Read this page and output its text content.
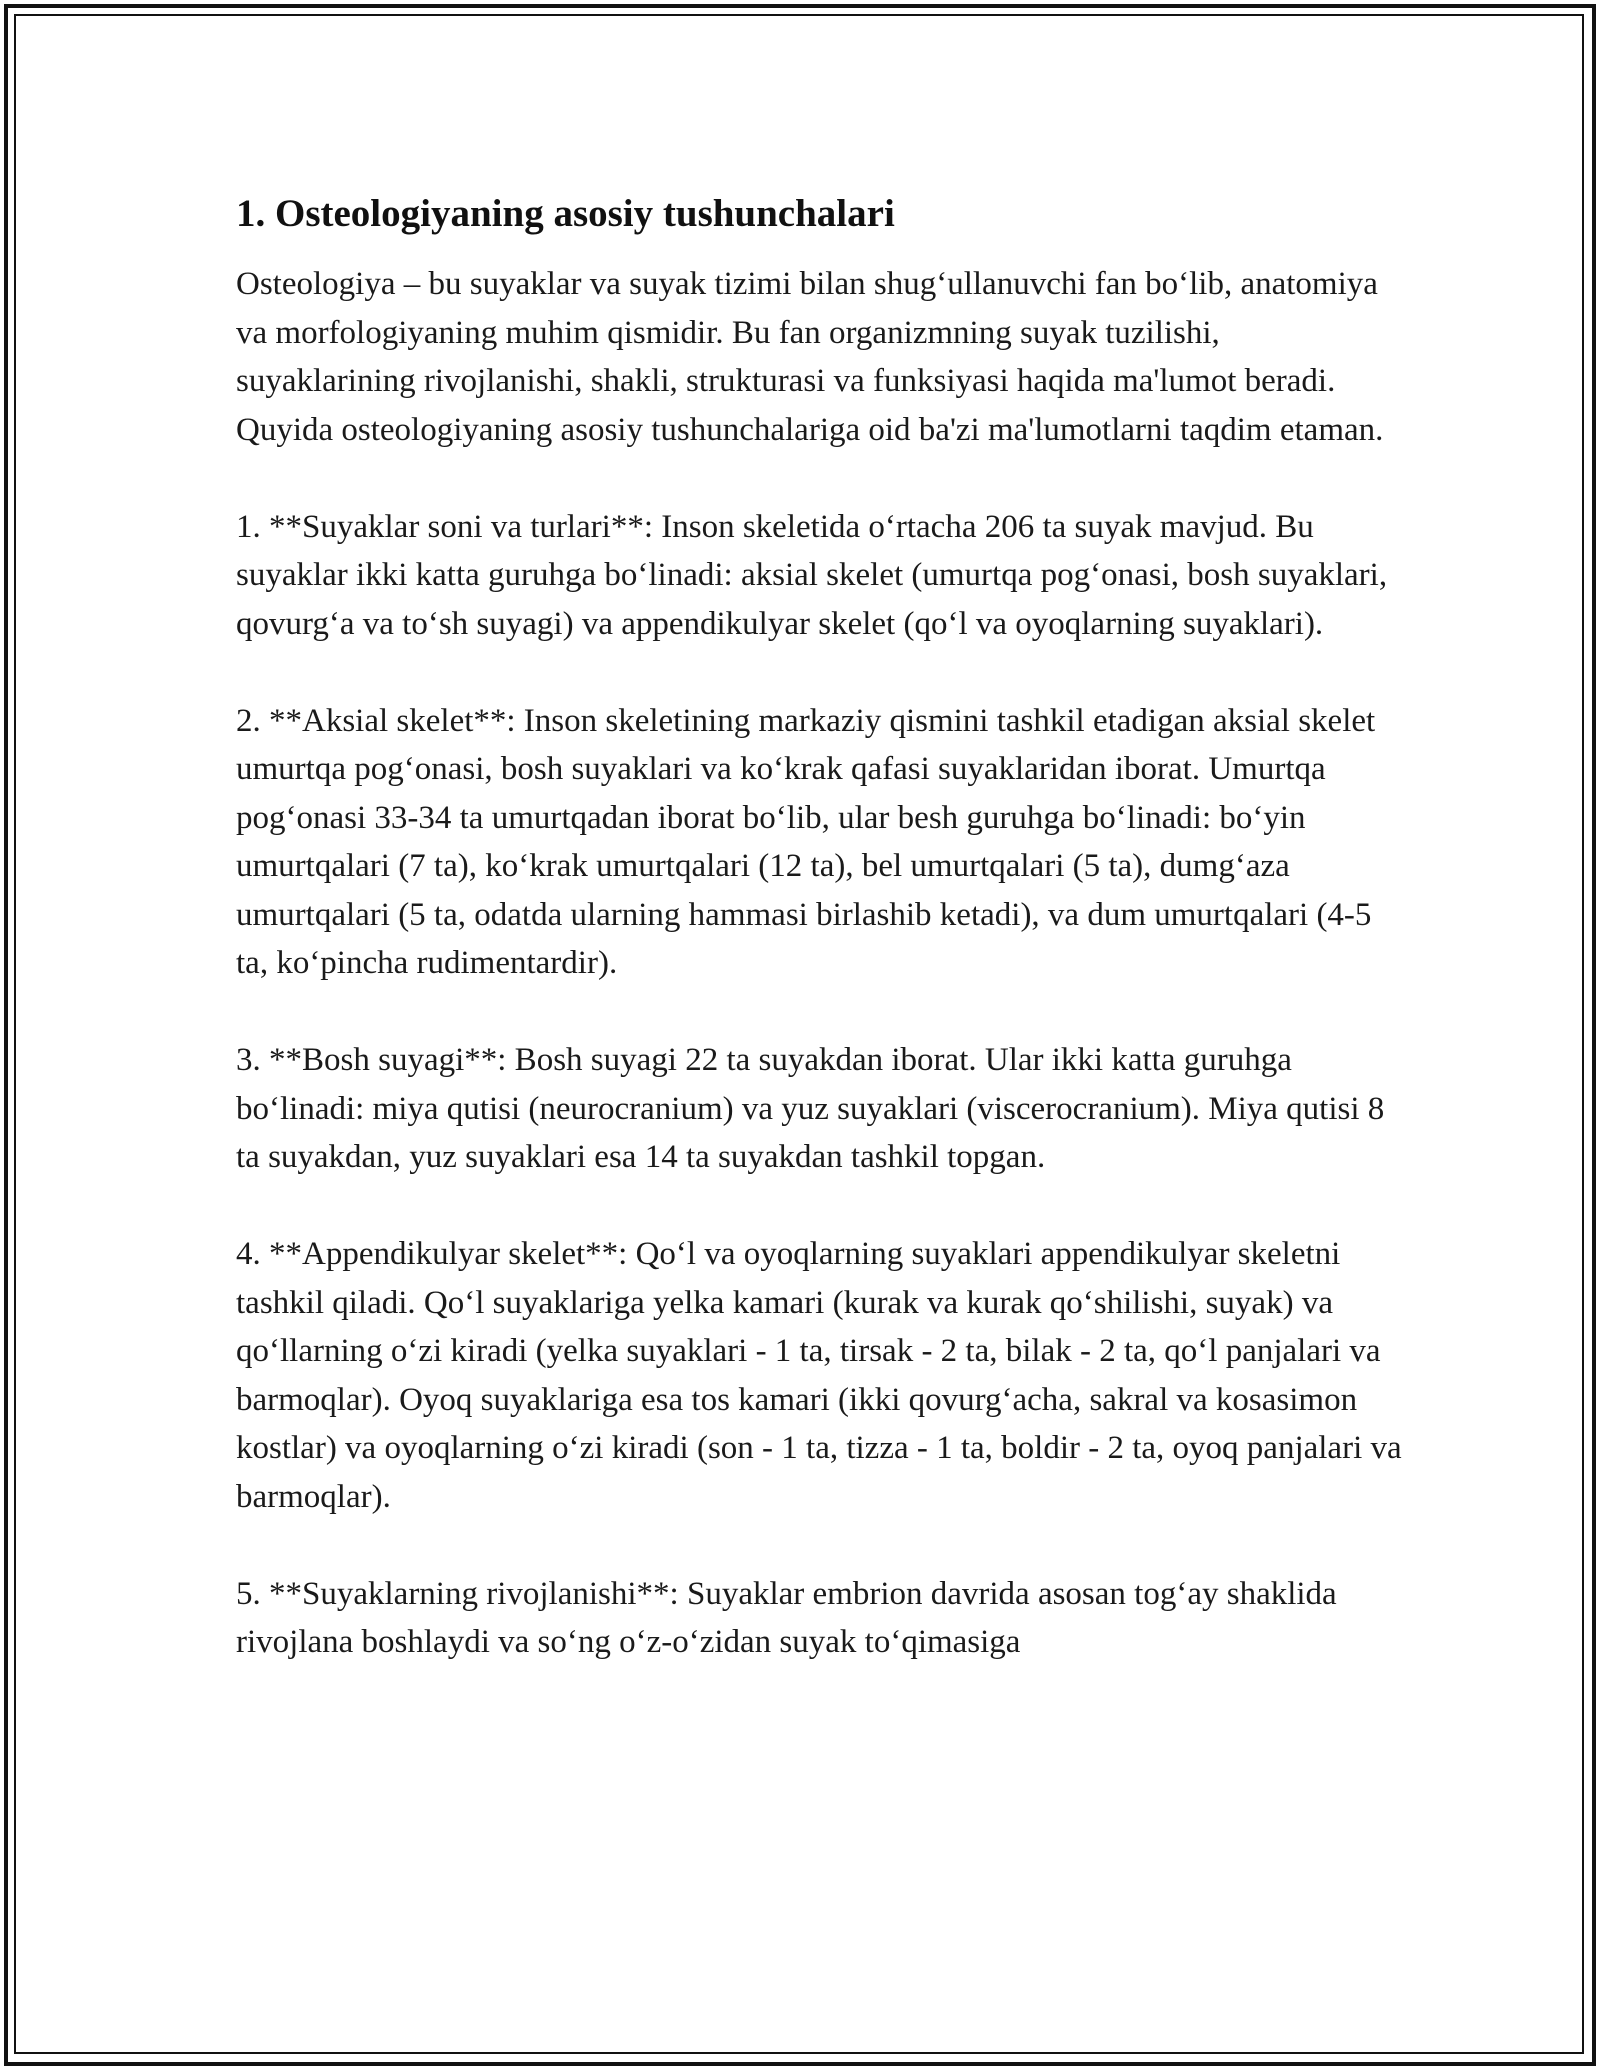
1. Osteologiyaning asosiy tushunchalari

Osteologiya – bu suyaklar va suyak tizimi bilan shug‘ullanuvchi fan bo‘lib, anatomiya va morfologiyaning muhim qismidir. Bu fan organizmning suyak tuzilishi, suyaklarining rivojlanishi, shakli, strukturasi va funksiyasi haqida ma'lumot beradi. Quyida osteologiyaning asosiy tushunchalariga oid ba'zi ma'lumotlarni taqdim etaman.

1. **Suyaklar soni va turlari**: Inson skeletida o‘rtacha 206 ta suyak mavjud. Bu suyaklar ikki katta guruhga bo‘linadi: aksial skelet (umurtqa pog‘onasi, bosh suyaklari, qovurg‘a va to‘sh suyagi) va appendikulyar skelet (qo‘l va oyoqlarning suyaklari).

2. **Aksial skelet**: Inson skeletining markaziy qismini tashkil etadigan aksial skelet umurtqa pog‘onasi, bosh suyaklari va ko‘krak qafasi suyaklaridan iborat. Umurtqa pog‘onasi 33-34 ta umurtqadan iborat bo‘lib, ular besh guruhga bo‘linadi: bo‘yin umurtqalari (7 ta), ko‘krak umurtqalari (12 ta), bel umurtqalari (5 ta), dumg‘aza umurtqalari (5 ta, odatda ularning hammasi birlashib ketadi), va dum umurtqalari (4-5 ta, ko‘pincha rudimentardir).

3. **Bosh suyagi**: Bosh suyagi 22 ta suyakdan iborat. Ular ikki katta guruhga bo‘linadi: miya qutisi (neurocranium) va yuz suyaklari (viscerocranium). Miya qutisi 8 ta suyakdan, yuz suyaklari esa 14 ta suyakdan tashkil topgan.

4. **Appendikulyar skelet**: Qo‘l va oyoqlarning suyaklari appendikulyar skeletni tashkil qiladi. Qo‘l suyaklariga yelka kamari (kurak va kurak qo‘shilishi, suyak) va qo‘llarning o‘zi kiradi (yelka suyaklari - 1 ta, tirsak - 2 ta, bilak - 2 ta, qo‘l panjalari va barmoqlar). Oyoq suyaklariga esa tos kamari (ikki qovurg‘acha, sakral va kosasimon kostlar) va oyoqlarning o‘zi kiradi (son - 1 ta, tizza - 1 ta, boldir - 2 ta, oyoq panjalari va barmoqlar).

5. **Suyaklarning rivojlanishi**: Suyaklar embrion davrida asosan tog‘ay shaklida rivojlana boshlaydi va so‘ng o‘z-o‘zidan suyak to‘qimasiga
